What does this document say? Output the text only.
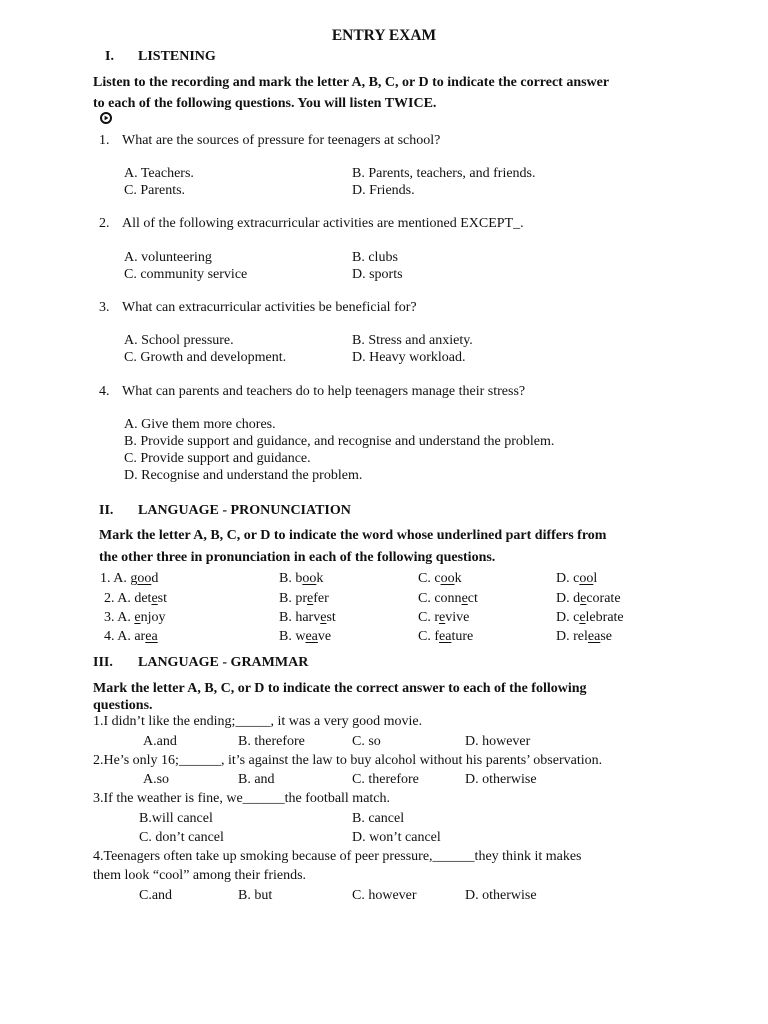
ENTRY EXAM
I. LISTENING
Listen to the recording and mark the letter A, B, C, or D to indicate the correct answer
to each of the following questions. You will listen TWICE.
1. What are the sources of pressure for teenagers at school?
A. Teachers.	B. Parents, teachers, and friends.
C. Parents.	D. Friends.
2. All of the following extracurricular activities are mentioned EXCEPT_.
A. volunteering	B. clubs
C. community service	D. sports
3. What can extracurricular activities be beneficial for?
A. School pressure.	B. Stress and anxiety.
C. Growth and development.	D. Heavy workload.
4. What can parents and teachers do to help teenagers manage their stress?
A. Give them more chores.
B. Provide support and guidance, and recognise and understand the problem.
C. Provide support and guidance.
D. Recognise and understand the problem.
II. LANGUAGE - PRONUNCIATION
Mark the letter A, B, C, or D to indicate the word whose underlined part differs from
the other three in pronunciation in each of the following questions.
1. A. good	B. book	C. cook	D. cool
2. A. detest	B. prefer	C. connect	D. decorate
3. A. enjoy	B. harvest	C. revive	D. celebrate
4. A. area	B. weave	C. feature	D. release
III. LANGUAGE - GRAMMAR
Mark the letter A, B, C, or D to indicate the correct answer to each of the following
questions.
1.I didn’t like the ending;_____, it was a very good movie.
A.and	B. therefore	C. so	D. however
2.He’s only 16;______, it’s against the law to buy alcohol without his parents’ observation.
A.so	B. and	C. therefore	D. otherwise
3.If the weather is fine, we______the football match.
B.will cancel	B. cancel
C. don’t cancel	D. won’t cancel
4.Teenagers often take up smoking because of peer pressure,______they think it makes
them look “cool” among their friends.
C.and	B. but	C. however	D. otherwise
